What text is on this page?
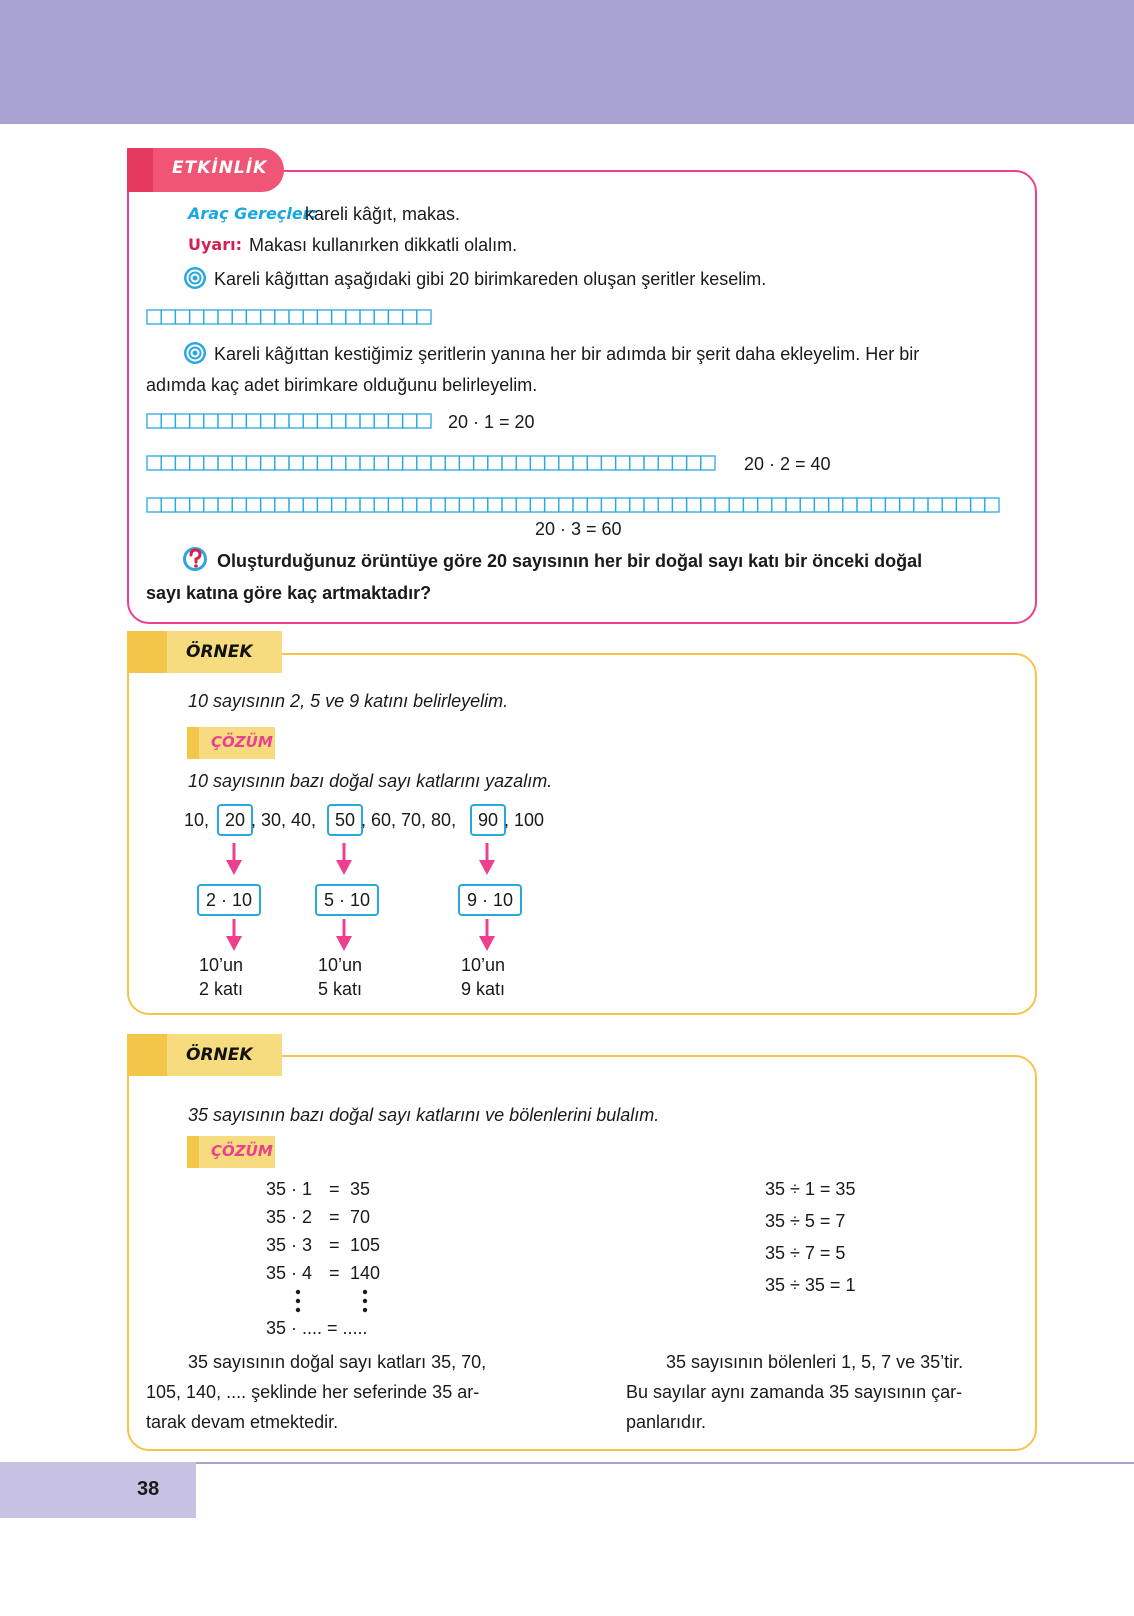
ETKİNLİK
Araç Gereçler:
kareli kâğıt, makas.
Uyarı: Makası kullanırken dikkatli olalım.
Kareli kâğıttan aşağıdaki gibi 20 birimkareden oluşan şeritler keselim.
Kareli kâğıttan kestiğimiz şeritlerin yanına her bir adımda bir şerit daha ekleyelim. Her bir
adımda kaç adet birimkare olduğunu belirleyelim.
20 · 1 = 20
20 · 2 = 40
20 · 3 = 60
Oluşturduğunuz örüntüye göre 20 sayısının her bir doğal sayı katı bir önceki doğal
sayı katına göre kaç artmaktadır?
ÖRNEK
10 sayısının 2, 5 ve 9 katını belirleyelim.
ÇÖZÜM
10 sayısının bazı doğal sayı katlarını yazalım.
10, 20 , 30, 40,	50 , 60, 70, 80,	90 , 100
2 · 10	5 · 10	9 · 10
10’un
2 katı
10’un
5 katı
10’un
9 katı
ÖRNEK
35 sayısının bazı doğal sayı katlarını ve bölenlerini bulalım.
ÇÖZÜM
35 · 1 = 35
35 · 2 = 70
35 · 3 = 105
35 · 4 = 140
35 · .... = .....
35 ÷ 1 = 35
35 ÷ 5 = 7
35 ÷ 7 = 5
35 ÷ 35 = 1
35 sayısının doğal sayı katları 35, 70,
105, 140, .... şeklinde her seferinde 35 ar-
tarak devam etmektedir.
35 sayısının bölenleri 1, 5, 7 ve 35’tir.
Bu sayılar aynı zamanda 35 sayısının çar-
panlarıdır.
38
